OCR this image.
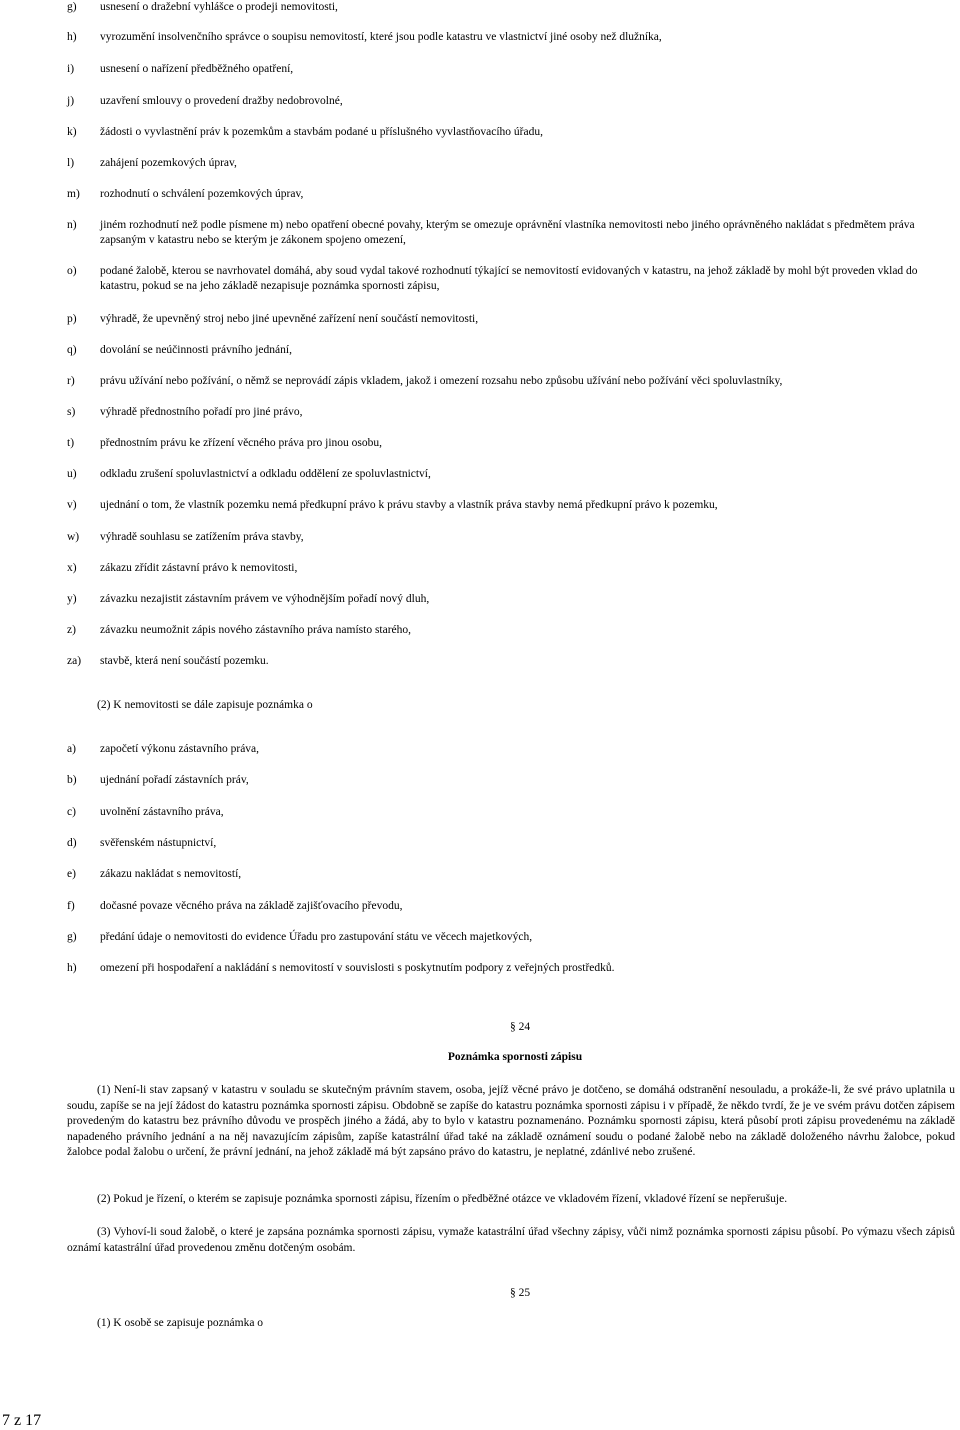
g) usnesení o dražební vyhlášce o prodeji nemovitosti,
h) vyrozumění insolvenčního správce o soupisu nemovitostí, které jsou podle katastru ve vlastnictví jiné osoby než dlužníka,
i) usnesení o nařízení předběžného opatření,
j) uzavření smlouvy o provedení dražby nedobrovolné,
k) žádosti o vyvlastnění práv k pozemkům a stavbám podané u příslušného vyvlastňovacího úřadu,
l) zahájení pozemkových úprav,
m) rozhodnutí o schválení pozemkových úprav,
n) jiném rozhodnutí než podle písmene m) nebo opatření obecné povahy, kterým se omezuje oprávnění vlastníka nemovitosti nebo jiného oprávněného nakládat s předmětem práva zapsaným v katastru nebo se kterým je zákonem spojeno omezení,
o) podané žalobě, kterou se navrhovatel domáhá, aby soud vydal takové rozhodnutí týkající se nemovitostí evidovaných v katastru, na jehož základě by mohl být proveden vklad do katastru, pokud se na jeho základě nezapisuje poznámka spornosti zápisu,
p) výhradě, že upevněný stroj nebo jiné upevněné zařízení není součástí nemovitosti,
q) dovolání se neúčinnosti právního jednání,
r) právu užívání nebo požívání, o němž se neprovádí zápis vkladem, jakož i omezení rozsahu nebo způsobu užívání nebo požívání věci spoluvlastníky,
s) výhradě přednostního pořadí pro jiné právo,
t) přednostním právu ke zřízení věcného práva pro jinou osobu,
u) odkladu zrušení spoluvlastnictví a odkladu oddělení ze spoluvlastnictví,
v) ujednání o tom, že vlastník pozemku nemá předkupní právo k právu stavby a vlastník práva stavby nemá předkupní právo k pozemku,
w) výhradě souhlasu se zatížením práva stavby,
x) zákazu zřídit zástavní právo k nemovitosti,
y) závazku nezajistit zástavním právem ve výhodnějším pořadí nový dluh,
z) závazku neumožnit zápis nového zástavního práva namísto starého,
za) stavbě, která není součástí pozemku.
(2) K nemovitosti se dále zapisuje poznámka o
a) započetí výkonu zástavního práva,
b) ujednání pořadí zástavních práv,
c) uvolnění zástavního práva,
d) svěřenském nástupnictví,
e) zákazu nakládat s nemovitostí,
f) dočasné povaze věcného práva na základě zajišťovacího převodu,
g) předání údaje o nemovitosti do evidence Úřadu pro zastupování státu ve věcech majetkových,
h) omezení při hospodaření a nakládání s nemovitostí v souvislosti s poskytnutím podpory z veřejných prostředků.
§ 24
Poznámka spornosti zápisu
(1) Není-li stav zapsaný v katastru v souladu se skutečným právním stavem, osoba, jejíž věcné právo je dotčeno, se domáhá odstranění nesouladu, a prokáže-li, že své právo uplatnila u soudu, zapíše se na její žádost do katastru poznámka spornosti zápisu. Obdobně se zapíše do katastru poznámka spornosti zápisu i v případě, že někdo tvrdí, že je ve svém právu dotčen zápisem provedeným do katastru bez právního důvodu ve prospěch jiného a žádá, aby to bylo v katastru poznamenáno. Poznámku spornosti zápisu, která působí proti zápisu provedenému na základě napadeného právního jednání a na něj navazujícím zápisům, zapíše katastrální úřad také na základě oznámení soudu o podané žalobě nebo na základě doloženého návrhu žalobce, pokud žalobce podal žalobu o určení, že právní jednání, na jehož základě má být zapsáno právo do katastru, je neplatné, zdánlivé nebo zrušené.
(2) Pokud je řízení, o kterém se zapisuje poznámka spornosti zápisu, řízením o předběžné otázce ve vkladovém řízení, vkladové řízení se nepřerušuje.
(3) Vyhoví-li soud žalobě, o které je zapsána poznámka spornosti zápisu, vymaže katastrální úřad všechny zápisy, vůči nimž poznámka spornosti zápisu působí. Po výmazu všech zápisů oznámí katastrální úřad provedenou změnu dotčeným osobám.
§ 25
(1) K osobě se zapisuje poznámka o
7 z 17
